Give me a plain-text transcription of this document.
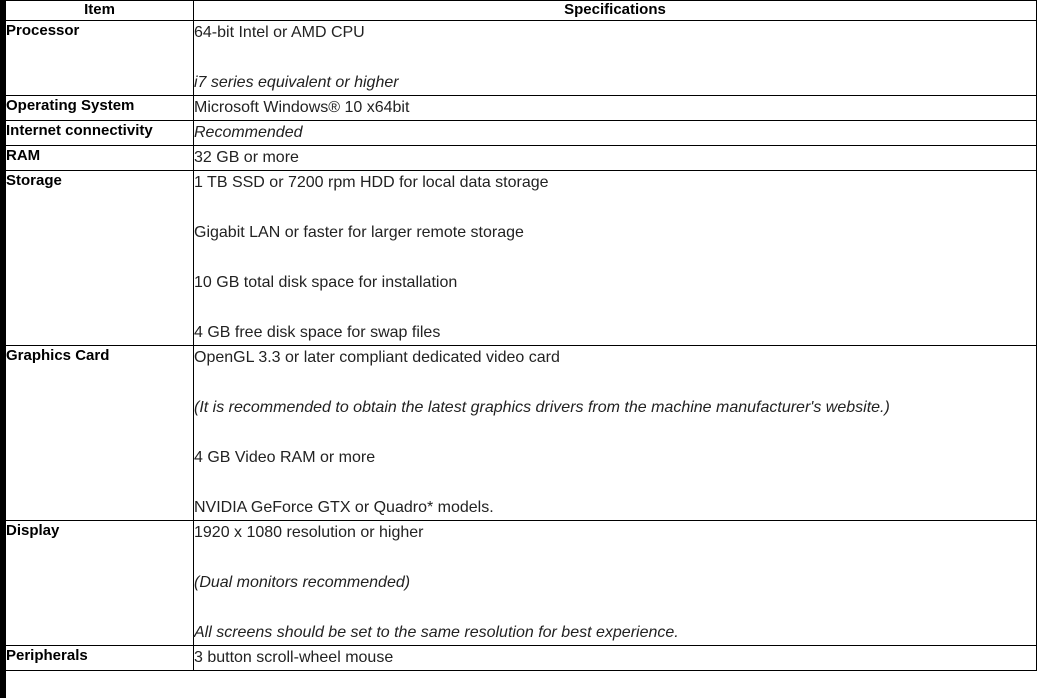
Item	Specifications
Processor	64-bit Intel or AMD CPU
i7 series equivalent or higher

Operating System	Microsoft Windows® 10 x64bit

Internet connectivity	Recommended

RAM	32 GB or more

Storage	1 TB SSD or 7200 rpm HDD for local data storage
Gigabit LAN or faster for larger remote storage
10 GB total disk space for installation
4 GB free disk space for swap files

Graphics Card	OpenGL 3.3 or later compliant dedicated video card
(It is recommended to obtain the latest graphics drivers from the machine manufacturer's website.)
4 GB Video RAM or more
NVIDIA GeForce GTX or Quadro* models.

Display	1920 x 1080 resolution or higher
(Dual monitors recommended)
All screens should be set to the same resolution for best experience.

Peripherals	3 button scroll-wheel mouse
